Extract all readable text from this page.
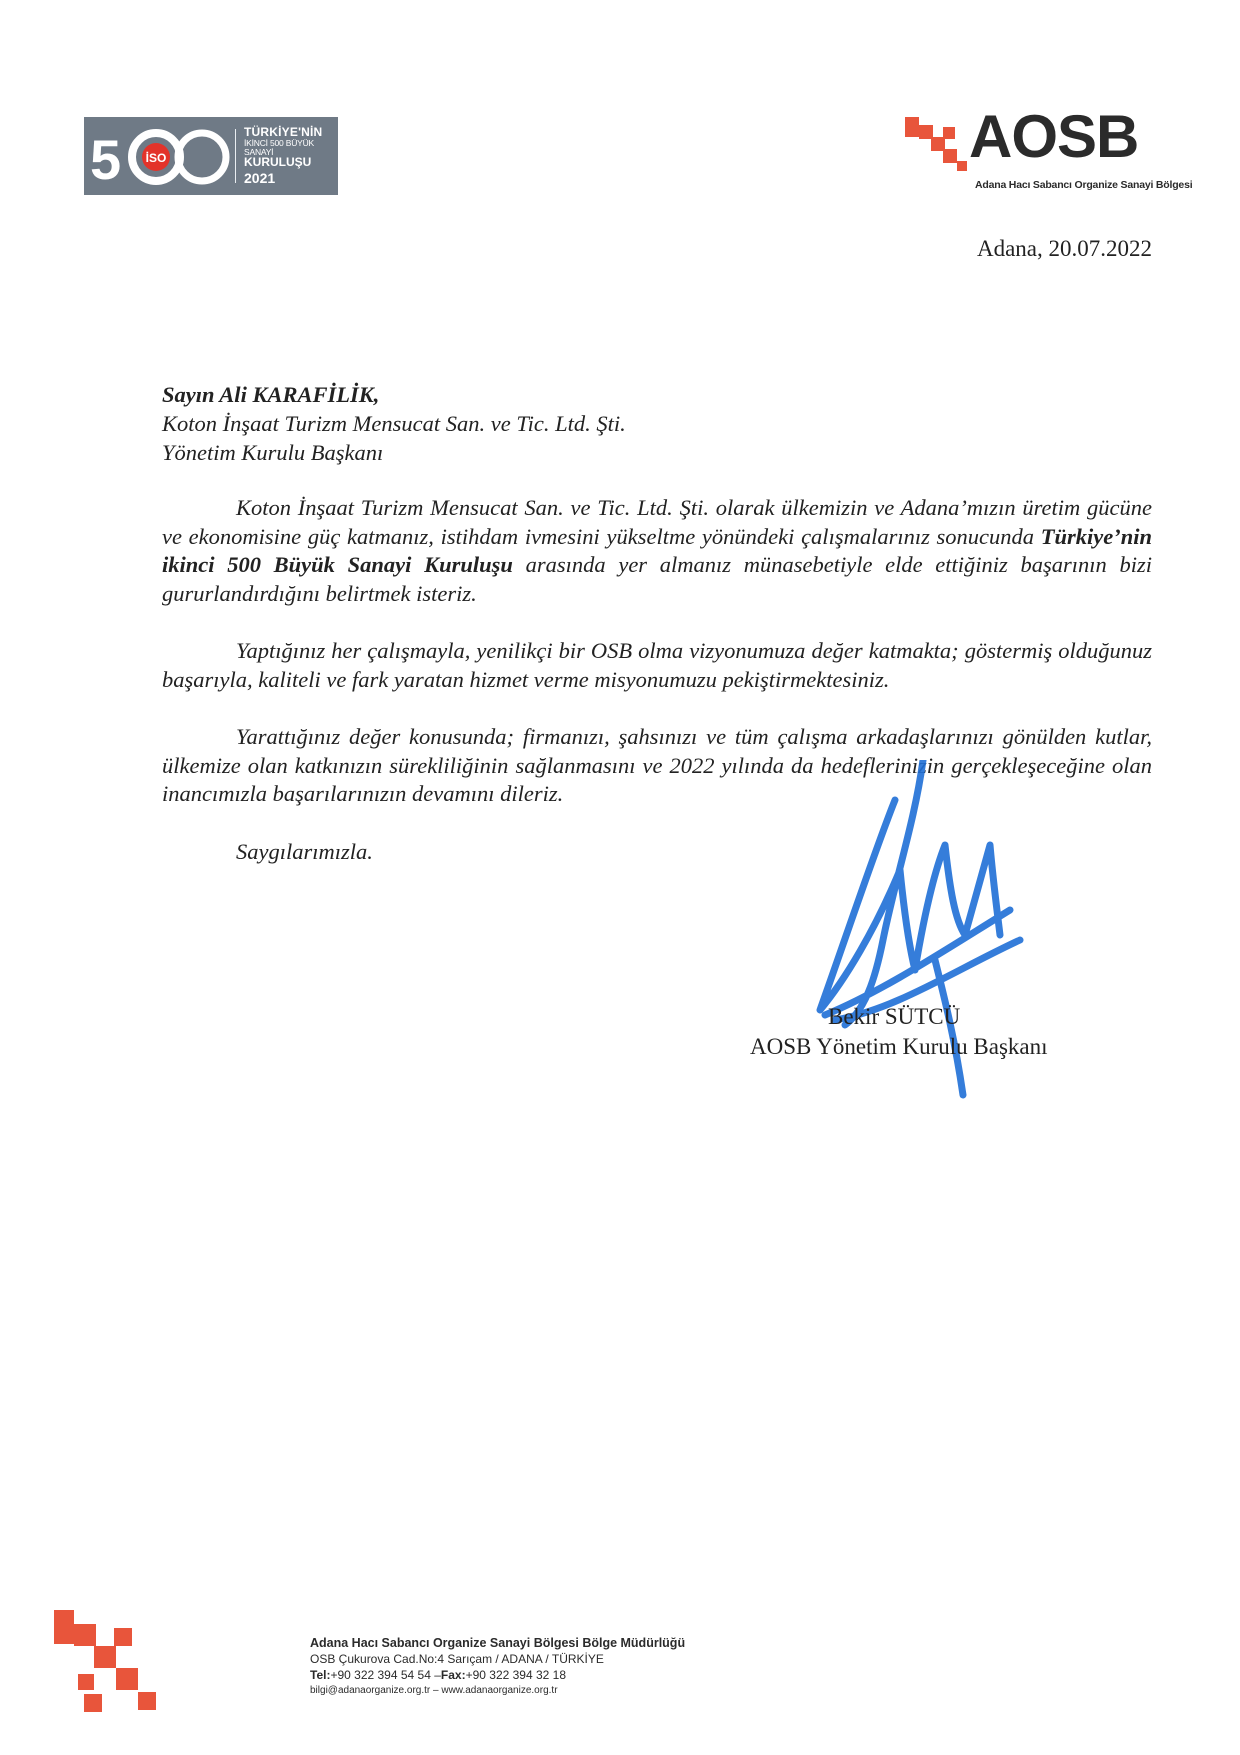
5 İSO
TÜRKİYE'NİN
İKİNCİ 500 BÜYÜK SANAYİ
KURULUŞU
2021
AOSB
Adana Hacı Sabancı Organize Sanayi Bölgesi
Adana, 20.07.2022
Sayın Ali KARAFİLİK,
Koton İnşaat Turizm Mensucat San. ve Tic. Ltd. Şti.
Yönetim Kurulu Başkanı

Koton İnşaat Turizm Mensucat San. ve Tic. Ltd. Şti. olarak ülkemizin ve Adana’mızın üretim gücüne ve ekonomisine güç katmanız, istihdam ivmesini yükseltme yönündeki çalışmalarınız sonucunda Türkiye’nin ikinci 500 Büyük Sanayi Kuruluşu arasında yer almanız münasebetiyle elde ettiğiniz başarının bizi gururlandırdığını belirtmek isteriz.

Yaptığınız her çalışmayla, yenilikçi bir OSB olma vizyonumuza değer katmakta; göstermiş olduğunuz başarıyla, kaliteli ve fark yaratan hizmet verme misyonumuzu pekiştirmektesiniz.

Yarattığınız değer konusunda; firmanızı, şahsınızı ve tüm çalışma arkadaşlarınızı gönülden kutlar, ülkemize olan katkınızın sürekliliğinin sağlanmasını ve 2022 yılında da hedeflerinizin gerçekleşeceğine olan inancımızla başarılarınızın devamını dileriz.

Saygılarımızla.

Bekir SÜTCÜ
AOSB Yönetim Kurulu Başkanı
Adana Hacı Sabancı Organize Sanayi Bölgesi Bölge Müdürlüğü
OSB Çukurova Cad.No:4 Sarıçam / ADANA / TÜRKİYE
Tel:+90 322 394 54 54 –Fax:+90 322 394 32 18
bilgi@adanaorganize.org.tr – www.adanaorganize.org.tr
